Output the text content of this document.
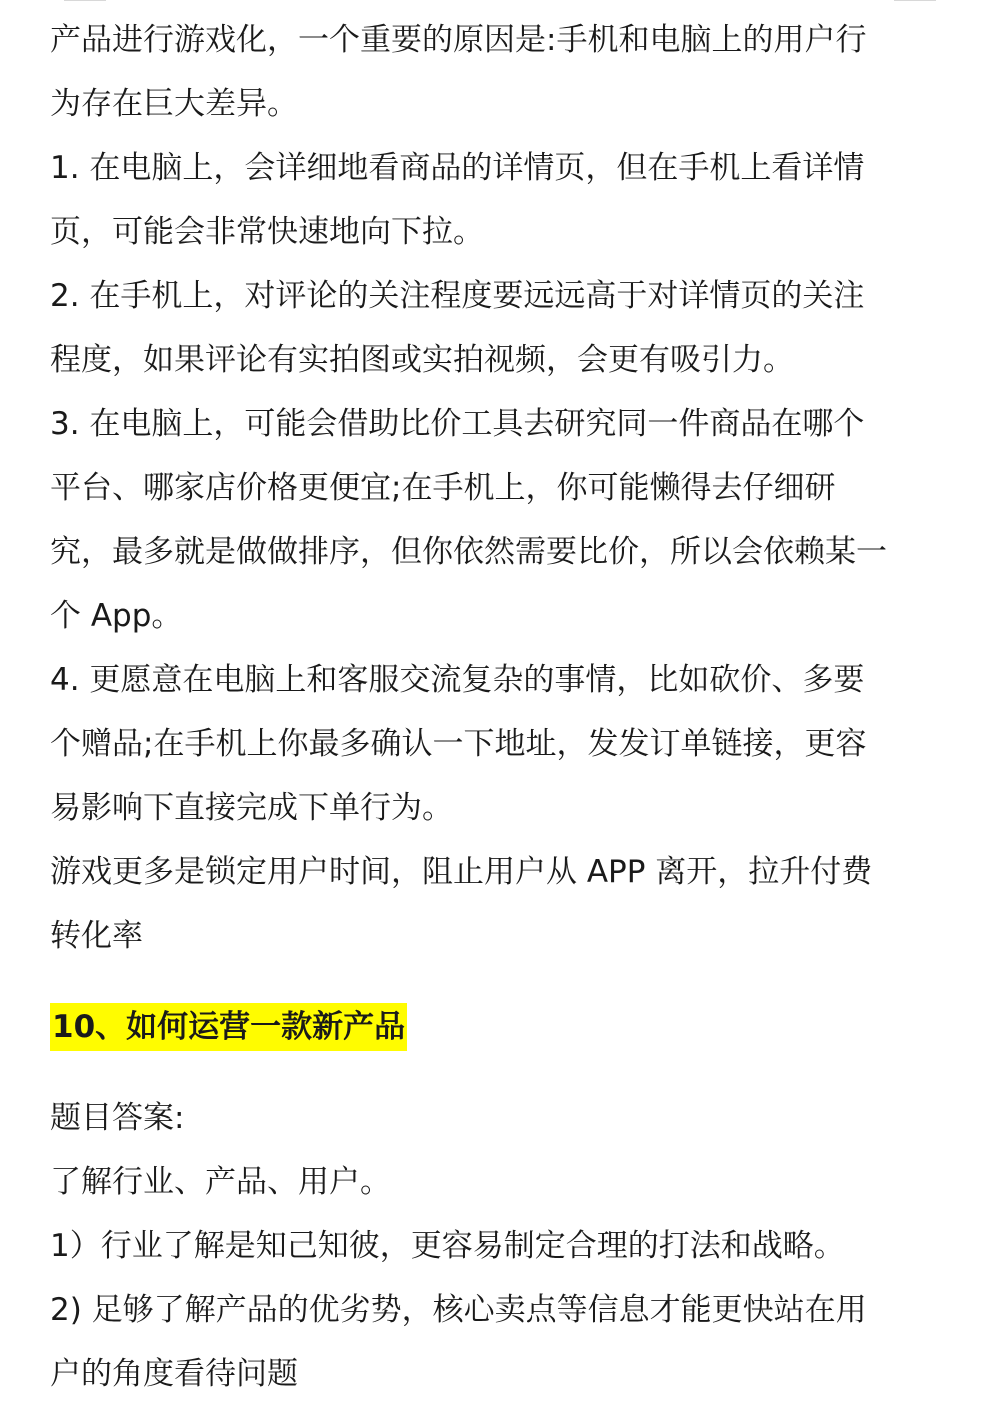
产品进行游戏化，一个重要的原因是:手机和电脑上的用户行
为存在巨大差异。
1. 在电脑上，会详细地看商品的详情页，但在手机上看详情
页，可能会非常快速地向下拉。
2. 在手机上，对评论的关注程度要远远高于对详情页的关注
程度，如果评论有实拍图或实拍视频，会更有吸引力。
3. 在电脑上，可能会借助比价工具去研究同一件商品在哪个
平台、哪家店价格更便宜;在手机上，你可能懒得去仔细研
究，最多就是做做排序，但你依然需要比价，所以会依赖某一
个 App。
4. 更愿意在电脑上和客服交流复杂的事情，比如砍价、多要
个赠品;在手机上你最多确认一下地址，发发订单链接，更容
易影响下直接完成下单行为。
游戏更多是锁定用户时间，阻止用户从 APP 离开，拉升付费
转化率
10、如何运营一款新产品
题目答案:
了解行业、产品、用户。
1）行业了解是知己知彼，更容易制定合理的打法和战略。
2) 足够了解产品的优劣势，核心卖点等信息才能更快站在用
户的角度看待问题
